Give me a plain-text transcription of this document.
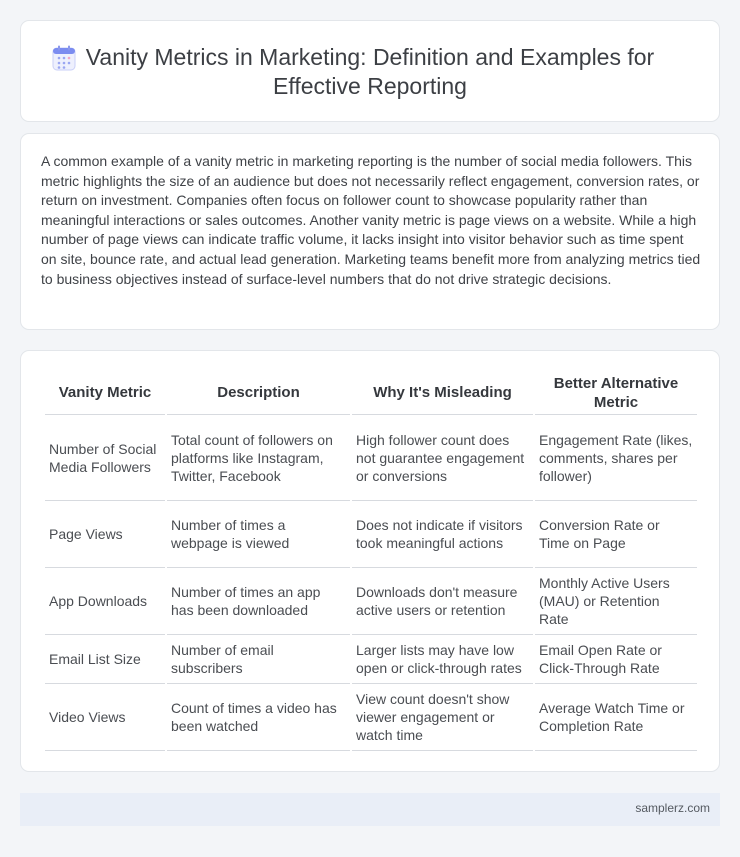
Vanity Metrics in Marketing: Definition and Examples for Effective Reporting

A common example of a vanity metric in marketing reporting is the number of social media followers. This metric highlights the size of an audience but does not necessarily reflect engagement, conversion rates, or return on investment. Companies often focus on follower count to showcase popularity rather than meaningful interactions or sales outcomes. Another vanity metric is page views on a website. While a high number of page views can indicate traffic volume, it lacks insight into visitor behavior such as time spent on site, bounce rate, and actual lead generation. Marketing teams benefit more from analyzing metrics tied to business objectives instead of surface-level numbers that do not drive strategic decisions.

Vanity Metric	Description	Why It's Misleading	Better Alternative Metric
Number of Social Media Followers	Total count of followers on platforms like Instagram, Twitter, Facebook	High follower count does not guarantee engagement or conversions	Engagement Rate (likes, comments, shares per follower)
Page Views	Number of times a webpage is viewed	Does not indicate if visitors took meaningful actions	Conversion Rate or Time on Page
App Downloads	Number of times an app has been downloaded	Downloads don't measure active users or retention	Monthly Active Users (MAU) or Retention Rate
Email List Size	Number of email subscribers	Larger lists may have low open or click-through rates	Email Open Rate or Click-Through Rate
Video Views	Count of times a video has been watched	View count doesn't show viewer engagement or watch time	Average Watch Time or Completion Rate
samplerz.com
